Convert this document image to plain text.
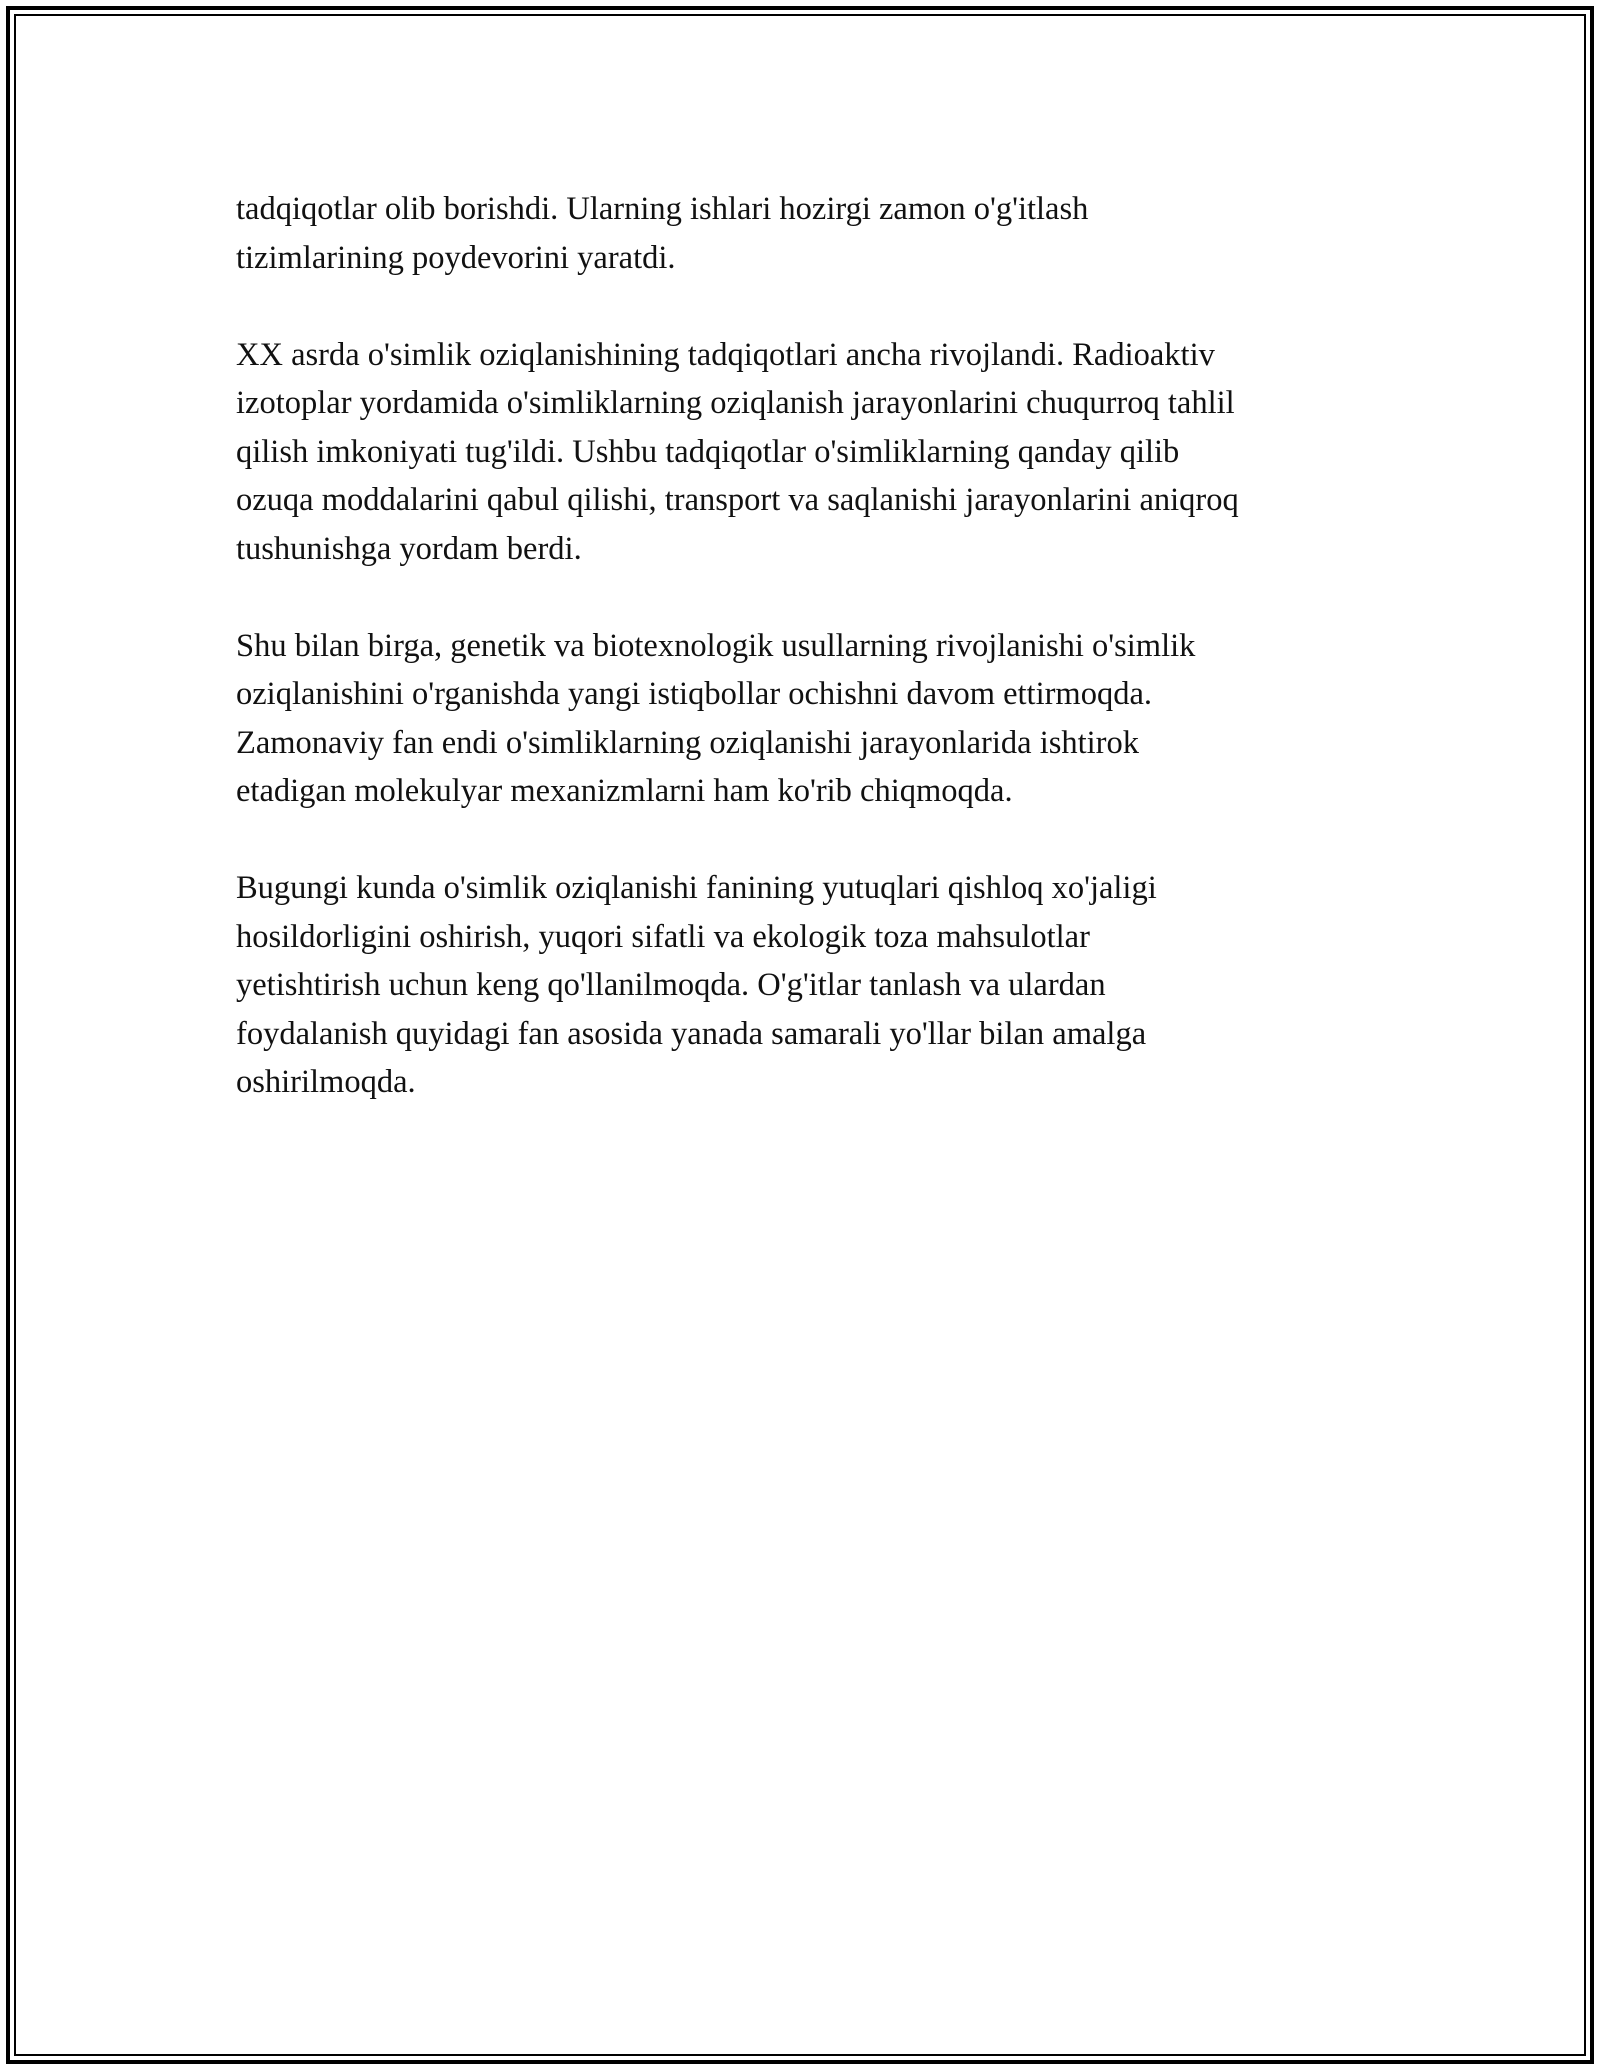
tadqiqotlar olib borishdi. Ularning ishlari hozirgi zamon o'g'itlash
tizimlarining poydevorini yaratdi.

XX asrda o'simlik oziqlanishining tadqiqotlari ancha rivojlandi. Radioaktiv
izotoplar yordamida o'simliklarning oziqlanish jarayonlarini chuqurroq tahlil
qilish imkoniyati tug'ildi. Ushbu tadqiqotlar o'simliklarning qanday qilib
ozuqa moddalarini qabul qilishi, transport va saqlanishi jarayonlarini aniqroq
tushunishga yordam berdi.

Shu bilan birga, genetik va biotexnologik usullarning rivojlanishi o'simlik
oziqlanishini o'rganishda yangi istiqbollar ochishni davom ettirmoqda.
Zamonaviy fan endi o'simliklarning oziqlanishi jarayonlarida ishtirok
etadigan molekulyar mexanizmlarni ham ko'rib chiqmoqda.

Bugungi kunda o'simlik oziqlanishi fanining yutuqlari qishloq xo'jaligi
hosildorligini oshirish, yuqori sifatli va ekologik toza mahsulotlar
yetishtirish uchun keng qo'llanilmoqda. O'g'itlar tanlash va ulardan
foydalanish quyidagi fan asosida yanada samarali yo'llar bilan amalga
oshirilmoqda.
